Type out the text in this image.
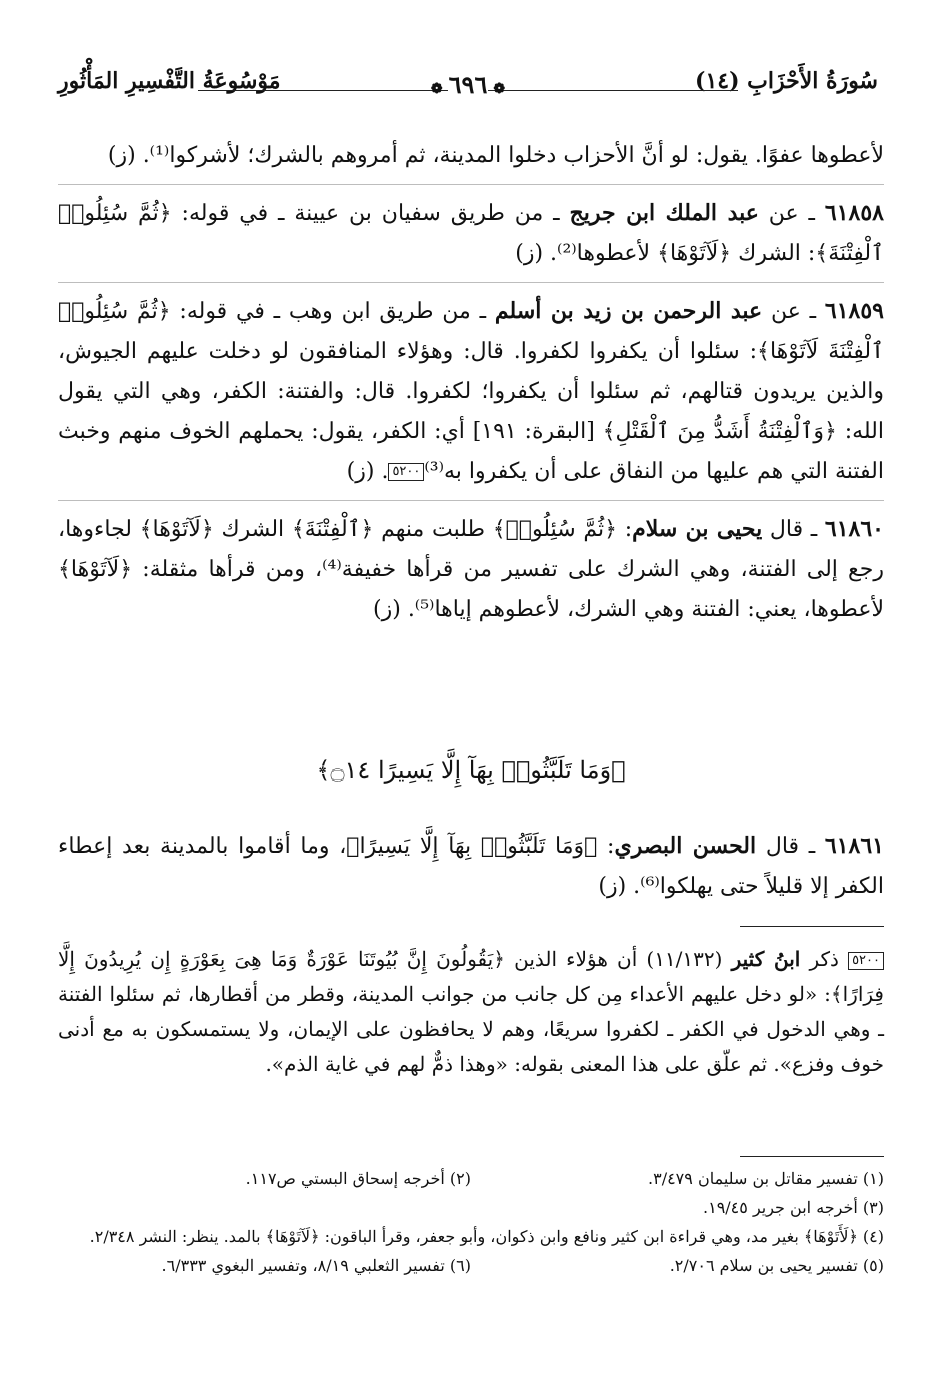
سُورَةُ الأَحْزَابِ (١٤)
مَوْسُوعَةُ التَّفْسِيرِ المَأْثُورِ	❁٦٩٦❁

لأعطوها عفوًا. يقول: لو أنَّ الأحزاب دخلوا المدينة، ثم أمروهم بالشرك؛ لأشركوا⁽¹⁾. (ز)

٦١٨٥٨ ـ عن عبد الملك ابن جريج ـ من طريق سفيان بن عيينة ـ في قوله: ﴿ثُمَّ سُئِلُوا۟ ٱلْفِتْنَةَ﴾: الشرك ﴿لَآتَوْهَا﴾ لأعطوها⁽²⁾. (ز)

٦١٨٥٩ ـ عن عبد الرحمن بن زيد بن أسلم ـ من طريق ابن وهب ـ في قوله: ﴿ثُمَّ سُئِلُوا۟ ٱلْفِتْنَةَ لَآتَوْهَا﴾: سئلوا أن يكفروا لكفروا. قال: وهؤلاء المنافقون لو دخلت عليهم الجيوش، والذين يريدون قتالهم، ثم سئلوا أن يكفروا؛ لكفروا. قال: والفتنة: الكفر، وهي التي يقول الله: ﴿وَٱلْفِتْنَةُ أَشَدُّ مِنَ ٱلْقَتْلِ﴾ [البقرة: ١٩١] أي: الكفر، يقول: يحملهم الخوف منهم وخبث الفتنة التي هم عليها من النفاق على أن يكفروا به⁽³⁾٥٢٠٠. (ز)

٦١٨٦٠ ـ قال يحيى بن سلام: ﴿ثُمَّ سُئِلُوا۟﴾ طلبت منهم ﴿ٱلْفِتْنَةَ﴾ الشرك ﴿لَآتَوْهَا﴾ لجاءوها، رجع إلى الفتنة، وهي الشرك على تفسير من قرأها خفيفة⁽⁴⁾، ومن قرأها مثقلة: ﴿لَآتَوْهَا﴾ لأعطوها، يعني: الفتنة وهي الشرك، لأعطوهم إياها⁽⁵⁾. (ز)

﴿وَمَا تَلَبَّثُوا۟ بِهَآ إِلَّا يَسِيرًا ۝١٤﴾

٦١٨٦١ ـ قال الحسن البصري: ﴿وَمَا تَلَبَّثُوا۟ بِهَآ إِلَّا يَسِيرًا﴾، وما أقاموا بالمدينة بعد إعطاء الكفر إلا قليلاً حتى يهلكوا⁽⁶⁾. (ز)

٥٢٠٠ ذكر ابنُ كثير (١١/١٣٢) أن هؤلاء الذين ﴿يَقُولُونَ إِنَّ بُيُوتَنَا عَوْرَةٌ وَمَا هِىَ بِعَوْرَةٍ إِن يُرِيدُونَ إِلَّا فِرَارًا﴾: «لو دخل عليهم الأعداء مِن كل جانب من جوانب المدينة، وقطر من أقطارها، ثم سئلوا الفتنة ـ وهي الدخول في الكفر ـ لكفروا سريعًا، وهم لا يحافظون على الإيمان، ولا يستمسكون به مع أدنى خوف وفزع». ثم علّق على هذا المعنى بقوله: «وهذا ذمٌّ لهم في غاية الذم».
(١) تفسير مقاتل بن سليمان ٣/٤٧٩.
(٢) أخرجه إسحاق البستي ص١١٧.
(٣) أخرجه ابن جرير ١٩/٤٥.
(٤) ﴿لَأَتَوْهَا﴾ بغير مد، وهي قراءة ابن كثير ونافع وابن ذكوان، وأبو جعفر، وقرأ الباقون: ﴿لَآتَوْهَا﴾ بالمد. ينظر: النشر ٢/٣٤٨.
(٥) تفسير يحيى بن سلام ٢/٧٠٦.
(٦) تفسير الثعلبي ٨/١٩، وتفسير البغوي ٦/٣٣٣.
